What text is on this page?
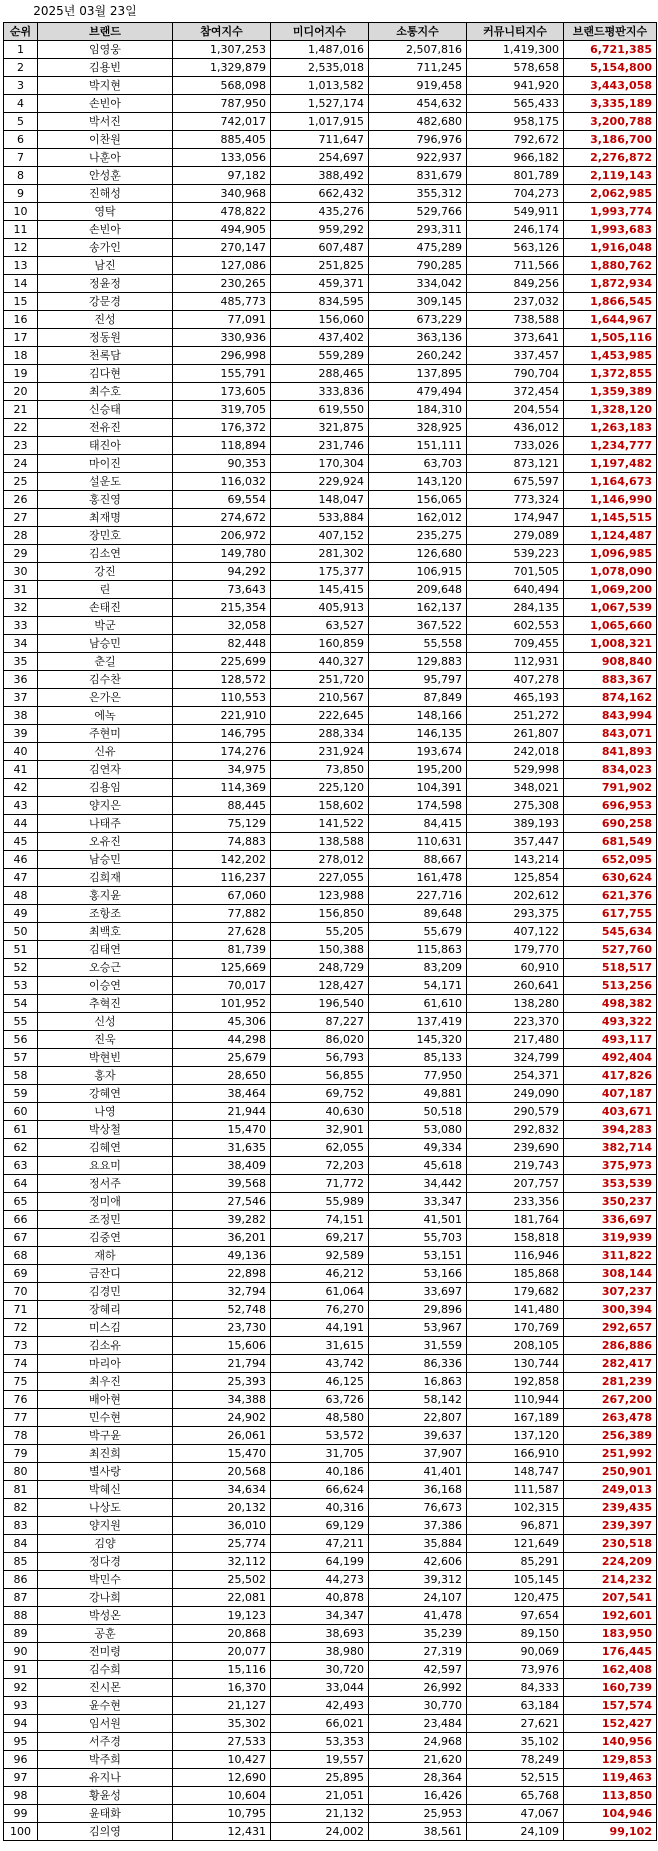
2025년 03월 23일
순위	브랜드	참여지수	미디어지수	소통지수	커뮤니티지수	브랜드평판지수
1	임영웅	1,307,253	1,487,016	2,507,816	1,419,300	6,721,385
2	김용빈	1,329,879	2,535,018	711,245	578,658	5,154,800
3	박지현	568,098	1,013,582	919,458	941,920	3,443,058
4	손빈아	787,950	1,527,174	454,632	565,433	3,335,189
5	박서진	742,017	1,017,915	482,680	958,175	3,200,788
6	이찬원	885,405	711,647	796,976	792,672	3,186,700
7	나훈아	133,056	254,697	922,937	966,182	2,276,872
8	안성훈	97,182	388,492	831,679	801,789	2,119,143
9	진해성	340,968	662,432	355,312	704,273	2,062,985
10	영탁	478,822	435,276	529,766	549,911	1,993,774
11	손빈아	494,905	959,292	293,311	246,174	1,993,683
12	송가인	270,147	607,487	475,289	563,126	1,916,048
13	남진	127,086	251,825	790,285	711,566	1,880,762
14	정윤정	230,265	459,371	334,042	849,256	1,872,934
15	강문경	485,773	834,595	309,145	237,032	1,866,545
16	진성	77,091	156,060	673,229	738,588	1,644,967
17	정동원	330,936	437,402	363,136	373,641	1,505,116
18	천록담	296,998	559,289	260,242	337,457	1,453,985
19	김다현	155,791	288,465	137,895	790,704	1,372,855
20	최수호	173,605	333,836	479,494	372,454	1,359,389
21	신승태	319,705	619,550	184,310	204,554	1,328,120
22	전유진	176,372	321,875	328,925	436,012	1,263,183
23	태진아	118,894	231,746	151,111	733,026	1,234,777
24	마이진	90,353	170,304	63,703	873,121	1,197,482
25	설운도	116,032	229,924	143,120	675,597	1,164,673
26	홍진영	69,554	148,047	156,065	773,324	1,146,990
27	최재명	274,672	533,884	162,012	174,947	1,145,515
28	장민호	206,972	407,152	235,275	279,089	1,124,487
29	김소연	149,780	281,302	126,680	539,223	1,096,985
30	강진	94,292	175,377	106,915	701,505	1,078,090
31	린	73,643	145,415	209,648	640,494	1,069,200
32	손태진	215,354	405,913	162,137	284,135	1,067,539
33	박군	32,058	63,527	367,522	602,553	1,065,660
34	남승민	82,448	160,859	55,558	709,455	1,008,321
35	춘길	225,699	440,327	129,883	112,931	908,840
36	김수찬	128,572	251,720	95,797	407,278	883,367
37	은가은	110,553	210,567	87,849	465,193	874,162
38	에녹	221,910	222,645	148,166	251,272	843,994
39	주현미	146,795	288,334	146,135	261,807	843,071
40	신유	174,276	231,924	193,674	242,018	841,893
41	김연자	34,975	73,850	195,200	529,998	834,023
42	김용임	114,369	225,120	104,391	348,021	791,902
43	양지은	88,445	158,602	174,598	275,308	696,953
44	나태주	75,129	141,522	84,415	389,193	690,258
45	오유진	74,883	138,588	110,631	357,447	681,549
46	남승민	142,202	278,012	88,667	143,214	652,095
47	김희재	116,237	227,055	161,478	125,854	630,624
48	홍지윤	67,060	123,988	227,716	202,612	621,376
49	조항조	77,882	156,850	89,648	293,375	617,755
50	최백호	27,628	55,205	55,679	407,122	545,634
51	김태연	81,739	150,388	115,863	179,770	527,760
52	오승근	125,669	248,729	83,209	60,910	518,517
53	이승연	70,017	128,427	54,171	260,641	513,256
54	추혁진	101,952	196,540	61,610	138,280	498,382
55	신성	45,306	87,227	137,419	223,370	493,322
56	진욱	44,298	86,020	145,320	217,480	493,117
57	박현빈	25,679	56,793	85,133	324,799	492,404
58	홍자	28,650	56,855	77,950	254,371	417,826
59	강혜연	38,464	69,752	49,881	249,090	407,187
60	나영	21,944	40,630	50,518	290,579	403,671
61	박상철	15,470	32,901	53,080	292,832	394,283
62	김혜연	31,635	62,055	49,334	239,690	382,714
63	요요미	38,409	72,203	45,618	219,743	375,973
64	정서주	39,568	71,772	34,442	207,757	353,539
65	정미애	27,546	55,989	33,347	233,356	350,237
66	조정민	39,282	74,151	41,501	181,764	336,697
67	김중연	36,201	69,217	55,703	158,818	319,939
68	재하	49,136	92,589	53,151	116,946	311,822
69	금잔디	22,898	46,212	53,166	185,868	308,144
70	김경민	32,794	61,064	33,697	179,682	307,237
71	장혜리	52,748	76,270	29,896	141,480	300,394
72	미스김	23,730	44,191	53,967	170,769	292,657
73	김소유	15,606	31,615	31,559	208,105	286,886
74	마리아	21,794	43,742	86,336	130,744	282,417
75	최우진	25,393	46,125	16,863	192,858	281,239
76	배아현	34,388	63,726	58,142	110,944	267,200
77	민수현	24,902	48,580	22,807	167,189	263,478
78	박구윤	26,061	53,572	39,637	137,120	256,389
79	최진희	15,470	31,705	37,907	166,910	251,992
80	별사랑	20,568	40,186	41,401	148,747	250,901
81	박혜신	34,634	66,624	36,168	111,587	249,013
82	나상도	20,132	40,316	76,673	102,315	239,435
83	양지원	36,010	69,129	37,386	96,871	239,397
84	김양	25,774	47,211	35,884	121,649	230,518
85	정다경	32,112	64,199	42,606	85,291	224,209
86	박민수	25,502	44,273	39,312	105,145	214,232
87	강나희	22,081	40,878	24,107	120,475	207,541
88	박성온	19,123	34,347	41,478	97,654	192,601
89	공훈	20,868	38,693	35,239	89,150	183,950
90	전미령	20,077	38,980	27,319	90,069	176,445
91	김수희	15,116	30,720	42,597	73,976	162,408
92	진시몬	16,370	33,044	26,992	84,333	160,739
93	윤수현	21,127	42,493	30,770	63,184	157,574
94	임서원	35,302	66,021	23,484	27,621	152,427
95	서주경	27,533	53,353	24,968	35,102	140,956
96	박주희	10,427	19,557	21,620	78,249	129,853
97	유지나	12,690	25,895	28,364	52,515	119,463
98	황윤성	10,604	21,051	16,426	65,768	113,850
99	윤태화	10,795	21,132	25,953	47,067	104,946
100	김의영	12,431	24,002	38,561	24,109	99,102
